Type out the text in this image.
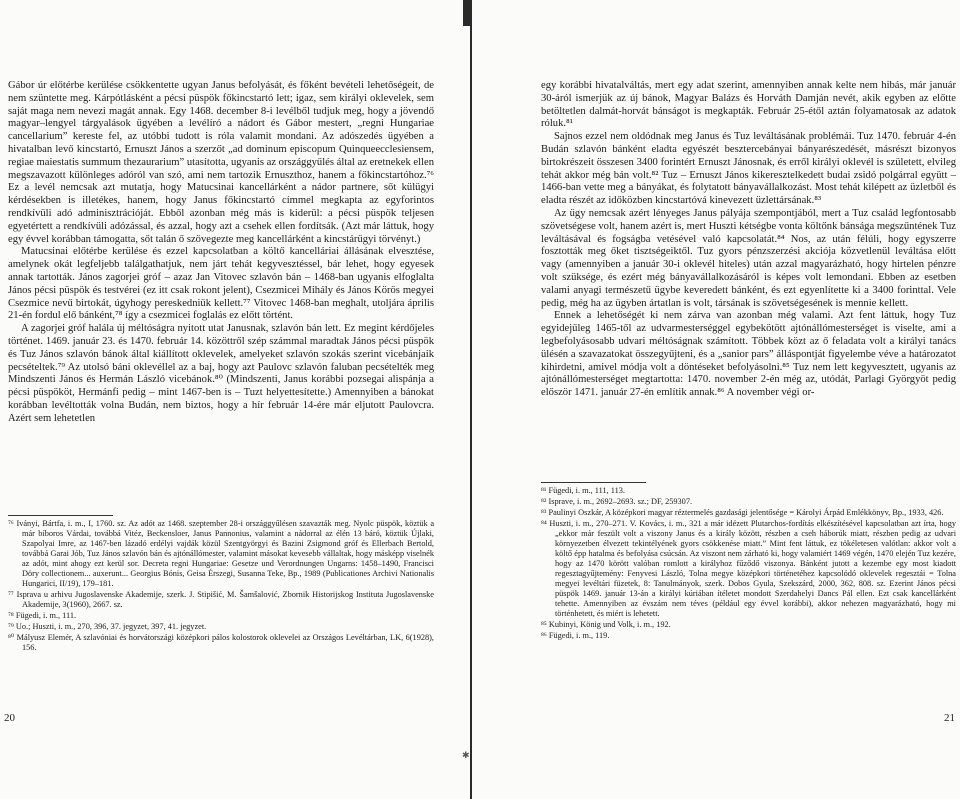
Gábor úr előtérbe kerülése csökkentette ugyan Janus befolyását, és főként bevételi lehetőségeit, de nem szüntette meg. Kárpótlásként a pécsi püspök főkincstartó lett; igaz, sem királyi oklevelek, sem saját maga nem nevezi magát annak. Egy 1468. december 8-i levélből tudjuk meg, hogy a jövendő magyar–lengyel tárgyalások ügyében a levélíró a nádort és Gábor mestert, „regni Hungariae cancellarium” kereste fel, az utóbbi tudott is róla valamit mondani. Az adószedés ügyében a hivatalban levő kincstartó, Ernuszt János a szerzőt „ad dominum episcopum Quinqueecclesiensem, regiae maiestatis summum thezaurarium” utasította, ugyanis az országgyűlés által az eretnekek ellen megszavazott különleges adóról van szó, ami nem tartozik Ernuszthoz, hanem a főkincstartóhoz.⁷⁶ Ez a levél nemcsak azt mutatja, hogy Matucsinai kancellárként a nádor partnere, sőt külügyi kérdésekben is illetékes, hanem, hogy Janus főkincstartó címmel megkapta az egyforintos rendkívüli adó adminisztrációját. Ebből azonban még más is kiderül: a pécsi püspök teljesen egyetértett a rendkívüli adózással, és azzal, hogy azt a csehek ellen fordítsák. (Azt már láttuk, hogy egy évvel korábban támogatta, sőt talán ő szövegezte meg kancellárként a kincstárügyi törvényt.)

Matucsinai előtérbe kerülése és ezzel kapcsolatban a költő kancelláriai állásának elvesztése, amelynek okát legfeljebb találgathatjuk, nem járt tehát kegyvesztéssel, bár lehet, hogy egyesek annak tartották. János zagorjei gróf – azaz Jan Vitovec szlavón bán – 1468-ban ugyanis elfoglalta János pécsi püspök és testvérei (ez itt csak rokont jelent), Csezmicei Mihály és János Körös megyei Csezmice nevű birtokát, úgyhogy pereskedniük kellett.⁷⁷ Vitovec 1468-ban meghalt, utoljára április 21-én fordul elő bánként,⁷⁸ így a csezmicei foglalás ez előtt történt.

A zagorjei gróf halála új méltóságra nyitott utat Janusnak, szlavón bán lett. Ez megint kérdőjeles történet. 1469. január 23. és 1470. február 14. közöttről szép számmal maradtak János pécsi püspök és Tuz János szlavón bánok által kiállított oklevelek, amelyeket szlavón szokás szerint vicebánjaik pecsételtek.⁷⁹ Az utolsó báni oklevéllel az a baj, hogy azt Paulovc szlavón faluban pecsételték meg Mindszenti János és Hermán László vicebánok.⁸⁰ (Mindszenti, Janus korábbi pozsegai alispánja a pécsi püspököt, Hermánfi pedig – mint 1467-ben is – Tuzt helyettesítette.) Amennyiben a bánokat korábban levéltották volna Budán, nem biztos, hogy a hír február 14-ére már eljutott Paulovcra. Azért sem lehetetlen

⁷⁶ Iványi, Bártfa, i. m., I, 1760. sz. Az adót az 1468. szeptember 28-i országgyűlésen szavazták meg. Nyolc püspök, köztük a már bíboros Várdai, továbbá Vitéz, Beckensloer, Janus Pannonius, valamint a nádorral az élén 13 báró, köztük Újlaki, Szapolyai Imre, az 1467-ben lázadó erdélyi vajdák közül Szentgyörgyi és Bazini Zsigmond gróf és Ellerbach Bertold, továbbá Garai Jób, Tuz János szlavón bán és ajtónállómester, valamint másokat kevesebb vállaltak, hogy másképp viselnék az adót, mint ahogy ezt kerül sor. Decreta regni Hungariae: Gesetze und Verordnungen Ungarns: 1458–1490, Francisci Döry collectionem... auxerunt... Georgius Bónis, Geisa Érszegi, Susanna Teke, Bp., 1989 (Publicationes Archivi Nationalis Hungarici, II/19), 179–181.

⁷⁷ Isprava u arhivu Jugoslavenske Akademije, szerk. J. Stipišić, M. Šamšalović, Zbornik Historijskog Instituta Jugoslavenske Akademije, 3(1960), 2667. sz.

⁷⁸ Fügedi, i. m., 111.

⁷⁹ Uo.; Huszti, i. m., 270, 396, 37. jegyzet, 397, 41. jegyzet.

⁸⁰ Mályusz Elemér, A szlavóniai és horvátországi középkori pálos kolostorok oklevelei az Országos Levéltárban, LK, 6(1928), 156.

20

egy korábbi hivatalváltás, mert egy adat szerint, amennyiben annak kelte nem hibás, már január 30-áról ismerjük az új bánok, Magyar Balázs és Horváth Damján nevét, akik egyben az előtte betöltetlen dalmát-horvát bánságot is megkapták. Február 25-étől aztán folyamatosak az adatok róluk.⁸¹

Sajnos ezzel nem oldódnak meg Janus és Tuz leváltásának problémái. Tuz 1470. február 4-én Budán szlavón bánként eladta egyészét besztercebányai bányarészedését, másrészt bizonyos birtokrészeit összesen 3400 forintért Ernuszt Jánosnak, és erről királyi oklevél is született, elvileg tehát akkor még bán volt.⁸² Tuz – Ernuszt János kikeresztelkedett budai zsidó polgárral együtt – 1466-ban vette meg a bányákat, és folytatott bányavállalkozást. Most tehát kilépett az üzletből és eladta részét az időközben kincstartóvá kinevezett üzlettársának.⁸³

Az ügy nemcsak azért lényeges Janus pályája szempontjából, mert a Tuz család legfontosabb szövetségese volt, hanem azért is, mert Huszti kétségbe vonta költőnk bánsága megszűntének Tuz leváltásával és fogságba vetésével való kapcsolatát.⁸⁴ Nos, az után félúli, hogy egyszerre fosztották meg őket tisztségeiktől. Tuz gyors pénzszerzési akciója közvetlenül leváltása előtt vagy (amennyiben a január 30-i oklevél hiteles) után azzal magyarázható, hogy hirtelen pénzre volt szüksége, és ezért még bányavállalkozásáról is képes volt lemondani. Ebben az esetben valami anyagi természetű ügybe keveredett bánként, és ezt egyenlítette ki a 3400 forinttal. Vele pedig, még ha az ügyben ártatlan is volt, társának is szövetségesének is mennie kellett.

Ennek a lehetőségét ki nem zárva van azonban még valami. Azt fent láttuk, hogy Tuz egyidejűleg 1465-től az udvarmesterséggel egybekötött ajtónállómesterséget is viselte, ami a legbefolyásosabb udvari méltóságnak számított. Többek közt az ő feladata volt a királyi tanács ülésén a szavazatokat összegyűjteni, és a „sanior pars” álláspontját figyelembe véve a határozatot kihirdetni, amivel módja volt a döntéseket befolyásolni.⁸⁵ Tuz nem lett kegyvesztett, ugyanis az ajtónállómesterséget megtartotta: 1470. november 2-én még az, utódát, Parlagi Györgyöt pedig először 1471. január 27-én említik annak.⁸⁶ A november végi or-

⁸¹ Fügedi, i. m., 111, 113.

⁸² Isprave, i. m., 2692–2693. sz.; DF, 259307.

⁸³ Paulinyi Oszkár, A középkori magyar réztermelés gazdasági jelentősége = Károlyi Árpád Emlékkönyv, Bp., 1933, 426.

⁸⁴ Huszti, i. m., 270–271. V. Kovács, i. m., 321 a már idézett Plutarchos-fordítás elkészítésével kapcsolatban azt írta, hogy „ekkor már feszült volt a viszony Janus és a király között, részben a cseh háborúk miatt, részben pedig az udvari környezetben élvezett tekintélyének gyors csökkenése miatt.” Mint fent láttuk, ez tökéletesen valótlan: akkor volt a költő épp hatalma és befolyása csúcsán. Az viszont nem zárható ki, hogy valamiért 1469 végén, 1470 elején Tuz kezére, hogy az 1470 körött valóban romlott a királyhoz fűződő viszonya. Bánként jutott a kezembe egy most kiadott regesztagyűjtemény: Fenyvesi László, Tolna megye középkori történetéhez kapcsolódó oklevelek regesztái = Tolna megyei levéltári füzetek, 8: Tanulmányok, szerk. Dobos Gyula, Szekszárd, 2000, 362, 808. sz. Ezerint János pécsi püspök 1469. január 13-án a királyi kúriában ítéletet mondott Szerdahelyi Dancs Pál ellen. Ezt csak kancellárként tehette. Amennyiben az évszám nem téves (például egy évvel korábbi), akkor nehezen magyarázható, hogy mi történhetett, és miért is lehetett.

⁸⁵ Kubinyi, König und Volk, i. m., 192.

⁸⁶ Fügedi, i. m., 119.

21
✱
